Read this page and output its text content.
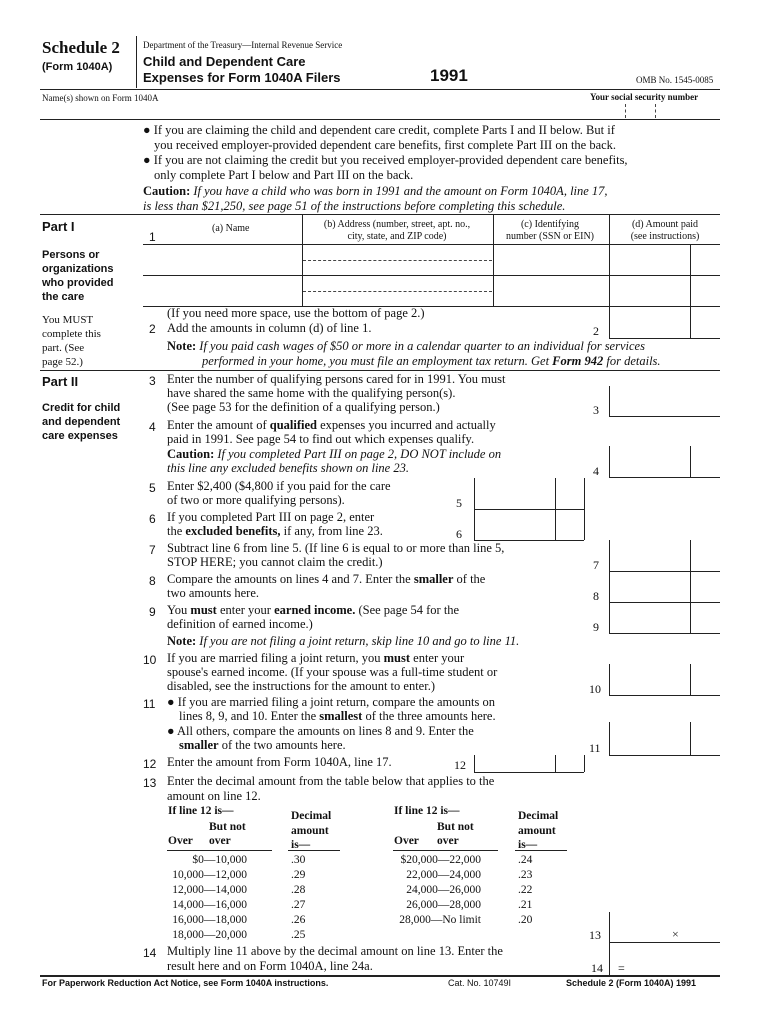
Schedule 2
(Form 1040A)
Department of the Treasury—Internal Revenue Service
Child and Dependent Care
Expenses for Form 1040A Filers	1991	OMB No. 1545-0085
Name(s) shown on Form 1040A	Your social security number
● If you are claiming the child and dependent care credit, complete Parts I and II below. But if
you received employer-provided dependent care benefits, first complete Part III on the back.
● If you are not claiming the credit but you received employer-provided dependent care benefits,
only complete Part I below and Part III on the back.
Caution: If you have a child who was born in 1991 and the amount on Form 1040A, line 17,
is less than $21,250, see page 51 of the instructions before completing this schedule.
Part I
Persons or
organizations
who provided
the care
You MUST
complete this
part. (See
page 52.)
1
(a) Name	(b) Address (number, street, apt. no.,
city, state, and ZIP code)
(c) Identifying
number (SSN or EIN)
(d) Amount paid
(see instructions)
(If you need more space, use the bottom of page 2.)
2 Add the amounts in column (d) of line 1.	2
Note: If you paid cash wages of $50 or more in a calendar quarter to an individual for services
performed in your home, you must file an employment tax return. Get Form 942 for details.
Part II
Credit for child
and dependent
care expenses
3 Enter the number of qualifying persons cared for in 1991. You must
have shared the same home with the qualifying person(s).
(See page 53 for the definition of a qualifying person.)	3
4 Enter the amount of qualified expenses you incurred and actually
paid in 1991. See page 54 to find out which expenses qualify.
Caution: If you completed Part III on page 2, DO NOT include on
this line any excluded benefits shown on line 23.	4
5 Enter $2,400 ($4,800 if you paid for the care
of two or more qualifying persons).	5
6 If you completed Part III on page 2, enter
the excluded benefits, if any, from line 23.	6
7 Subtract line 6 from line 5. (If line 6 is equal to or more than line 5,
STOP HERE; you cannot claim the credit.)	7
8 Compare the amounts on lines 4 and 7. Enter the smaller of the
two amounts here.	8
9 You must enter your earned income. (See page 54 for the
definition of earned income.)	9
Note: If you are not filing a joint return, skip line 10 and go to line 11.
10 If you are married filing a joint return, you must enter your
spouse's earned income. (If your spouse was a full-time student or
disabled, see the instructions for the amount to enter.)	10
11 ● If you are married filing a joint return, compare the amounts on
lines 8, 9, and 10. Enter the smallest of the three amounts here.
● All others, compare the amounts on lines 8 and 9. Enter the
smaller of the two amounts here.	11
12 Enter the amount from Form 1040A, line 17.	12
13 Enter the decimal amount from the table below that applies to the
amount on line 12.
If line 12 is—
But not
Over over
Decimal
amount
is—
$0—10,000	.30
10,000—12,000	.29
12,000—14,000	.28
14,000—16,000	.27
16,000—18,000	.26
18,000—20,000	.25
If line 12 is—
But not
Over over
Decimal
amount
is—
$20,000—22,000	.24
22,000—24,000	.23
24,000—26,000	.22
26,000—28,000	.21
28,000—No limit	.20
13	×
14 Multiply line 11 above by the decimal amount on line 13. Enter the
result here and on Form 1040A, line 24a.	14 =
For Paperwork Reduction Act Notice, see Form 1040A instructions.	Cat. No. 10749I	Schedule 2 (Form 1040A) 1991
